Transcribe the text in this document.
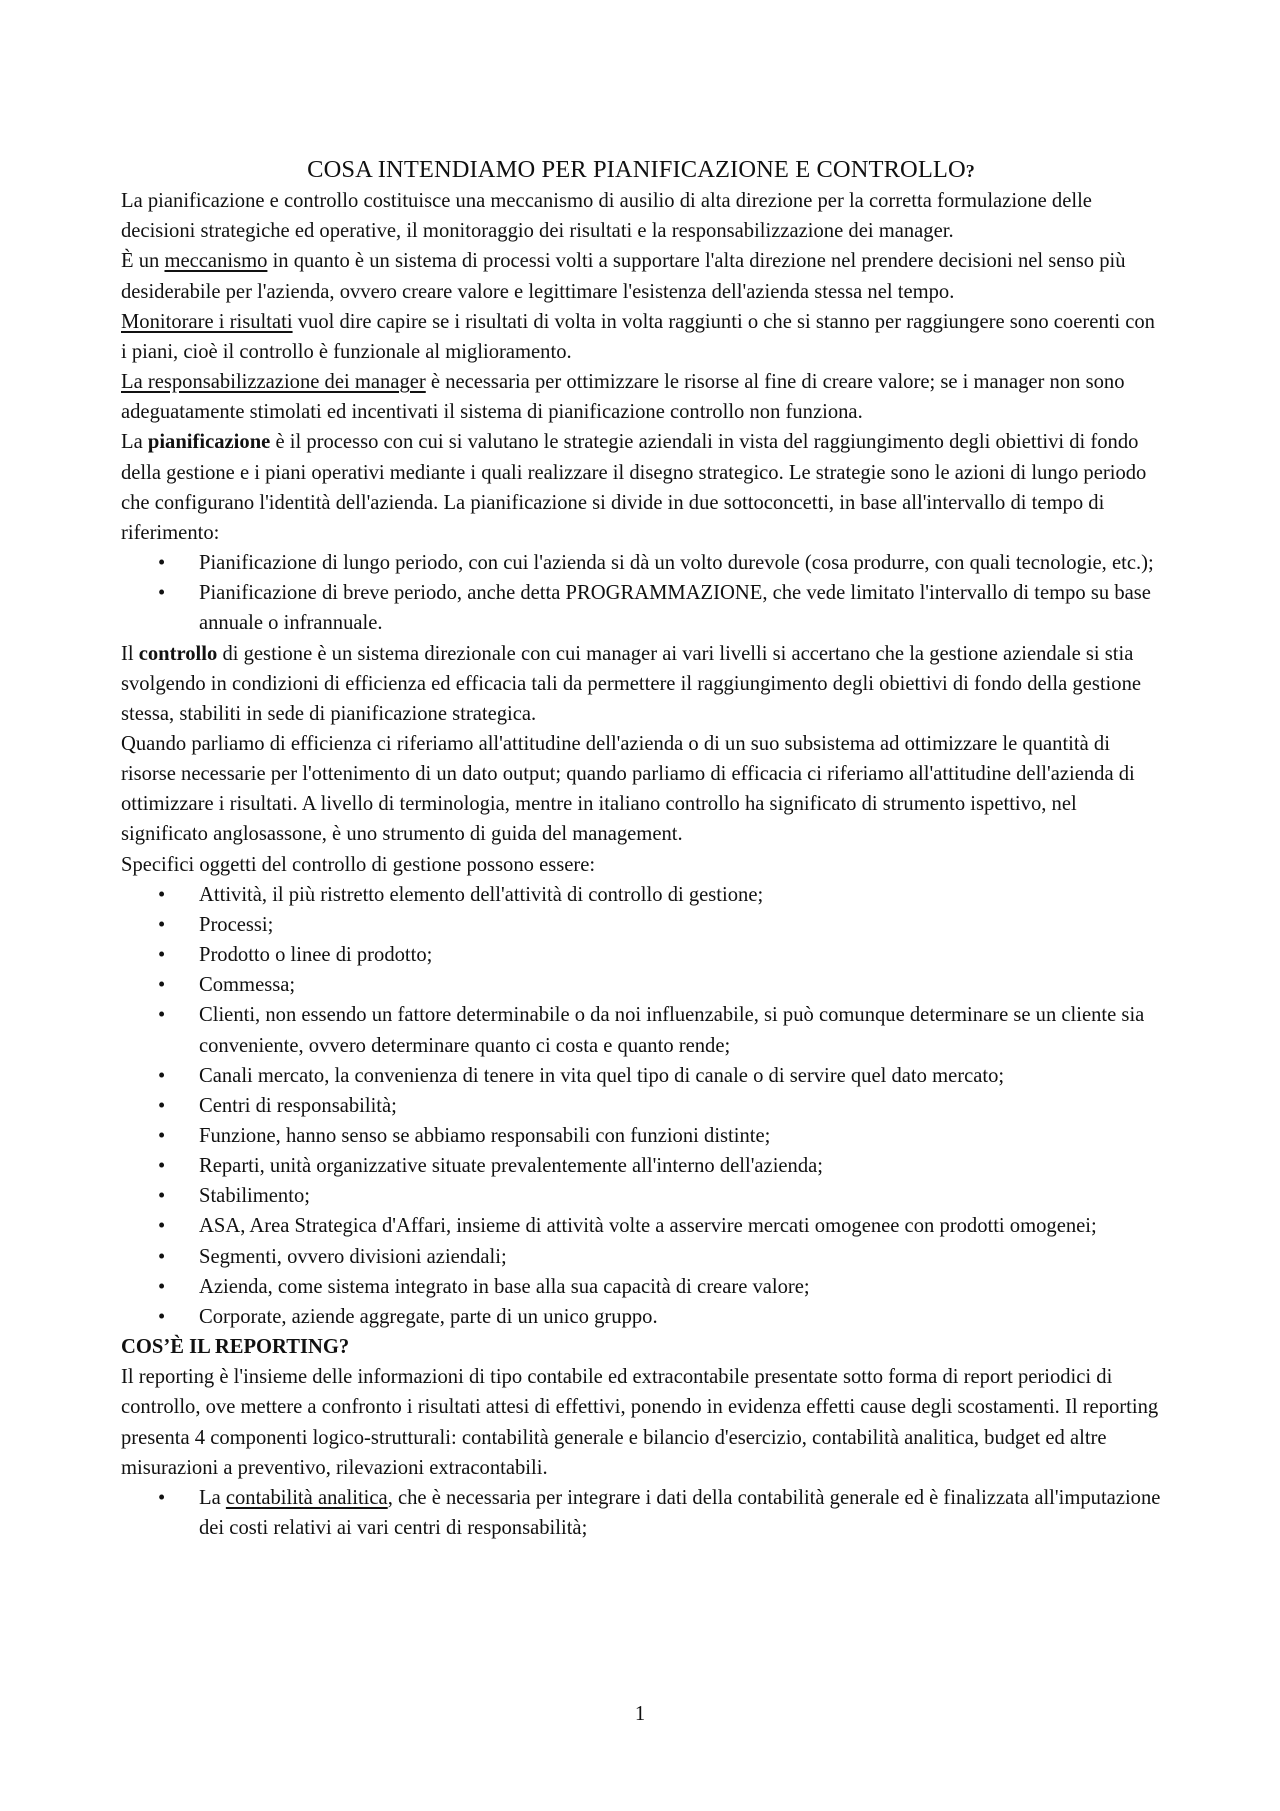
COSA INTENDIAMO PER PIANIFICAZIONE E CONTROLLO?

La pianificazione e controllo costituisce una meccanismo di ausilio di alta direzione per la corretta formulazione delle decisioni strategiche ed operative, il monitoraggio dei risultati e la responsabilizzazione dei manager.

È un meccanismo in quanto è un sistema di processi volti a supportare l'alta direzione nel prendere decisioni nel senso più desiderabile per l'azienda, ovvero creare valore e legittimare l'esistenza dell'azienda stessa nel tempo.

Monitorare i risultati vuol dire capire se i risultati di volta in volta raggiunti o che si stanno per raggiungere sono coerenti con i piani, cioè il controllo è funzionale al miglioramento.

La responsabilizzazione dei manager è necessaria per ottimizzare le risorse al fine di creare valore; se i manager non sono adeguatamente stimolati ed incentivati il sistema di pianificazione controllo non funziona.

La pianificazione è il processo con cui si valutano le strategie aziendali in vista del raggiungimento degli obiettivi di fondo della gestione e i piani operativi mediante i quali realizzare il disegno strategico. Le strategie sono le azioni di lungo periodo che configurano l'identità dell'azienda. La pianificazione si divide in due sottoconcetti, in base all'intervallo di tempo di riferimento:

• Pianificazione di lungo periodo, con cui l'azienda si dà un volto durevole (cosa produrre, con quali tecnologie, etc.);
• Pianificazione di breve periodo, anche detta PROGRAMMAZIONE, che vede limitato l'intervallo di tempo su base annuale o infrannuale.

Il controllo di gestione è un sistema direzionale con cui manager ai vari livelli si accertano che la gestione aziendale si stia svolgendo in condizioni di efficienza ed efficacia tali da permettere il raggiungimento degli obiettivi di fondo della gestione stessa, stabiliti in sede di pianificazione strategica.

Quando parliamo di efficienza ci riferiamo all'attitudine dell'azienda o di un suo subsistema ad ottimizzare le quantità di risorse necessarie per l'ottenimento di un dato output; quando parliamo di efficacia ci riferiamo all'attitudine dell'azienda di ottimizzare i risultati. A livello di terminologia, mentre in italiano controllo ha significato di strumento ispettivo, nel significato anglosassone, è uno strumento di guida del management.

Specifici oggetti del controllo di gestione possono essere:

• Attività, il più ristretto elemento dell'attività di controllo di gestione;
• Processi;
• Prodotto o linee di prodotto;
• Commessa;
• Clienti, non essendo un fattore determinabile o da noi influenzabile, si può comunque determinare se un cliente sia conveniente, ovvero determinare quanto ci costa e quanto rende;
• Canali mercato, la convenienza di tenere in vita quel tipo di canale o di servire quel dato mercato;
• Centri di responsabilità;
• Funzione, hanno senso se abbiamo responsabili con funzioni distinte;
• Reparti, unità organizzative situate prevalentemente all'interno dell'azienda;
• Stabilimento;
• ASA, Area Strategica d'Affari, insieme di attività volte a asservire mercati omogenee con prodotti omogenei;
• Segmenti, ovvero divisioni aziendali;
• Azienda, come sistema integrato in base alla sua capacità di creare valore;
• Corporate, aziende aggregate, parte di un unico gruppo.
COS’È IL REPORTING?

Il reporting è l'insieme delle informazioni di tipo contabile ed extracontabile presentate sotto forma di report periodici di controllo, ove mettere a confronto i risultati attesi di effettivi, ponendo in evidenza effetti cause degli scostamenti. Il reporting presenta 4 componenti logico-strutturali: contabilità generale e bilancio d'esercizio, contabilità analitica, budget ed altre misurazioni a preventivo, rilevazioni extracontabili.

• La contabilità analitica, che è necessaria per integrare i dati della contabilità generale ed è finalizzata all'imputazione dei costi relativi ai vari centri di responsabilità;
1
